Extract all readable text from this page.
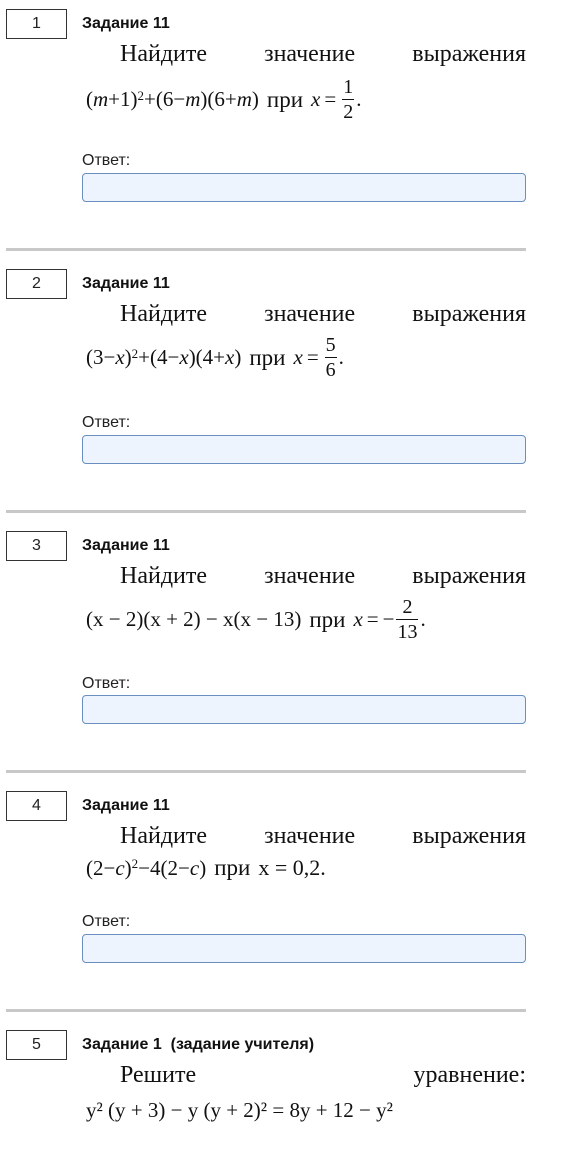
1	Задание 11
Найдите значение выражения
( m +1)$^2$ +(6− m )(6+ m ) при $x = \frac{1}{2}$ .
Ответ:
2	Задание 11
Найдите значение выражения
(3− x )$^2$ +(4− x )(4+ x ) при $x = \frac{5}{6}$ .
Ответ:
3	Задание 11
Найдите значение выражения
(x − 2)(x + 2) − x(x − 13) при x = − $\frac{2}{13}$ .
Ответ:
4	Задание 11
Найдите значение выражения
(2− c )$^2$ −4(2− c ) при x = 0,2.
Ответ:
5	Задание 1  (задание учителя)
Решите	уравнение:
y² (y + 3) − y (y + 2)² = 8y + 12 − y²
